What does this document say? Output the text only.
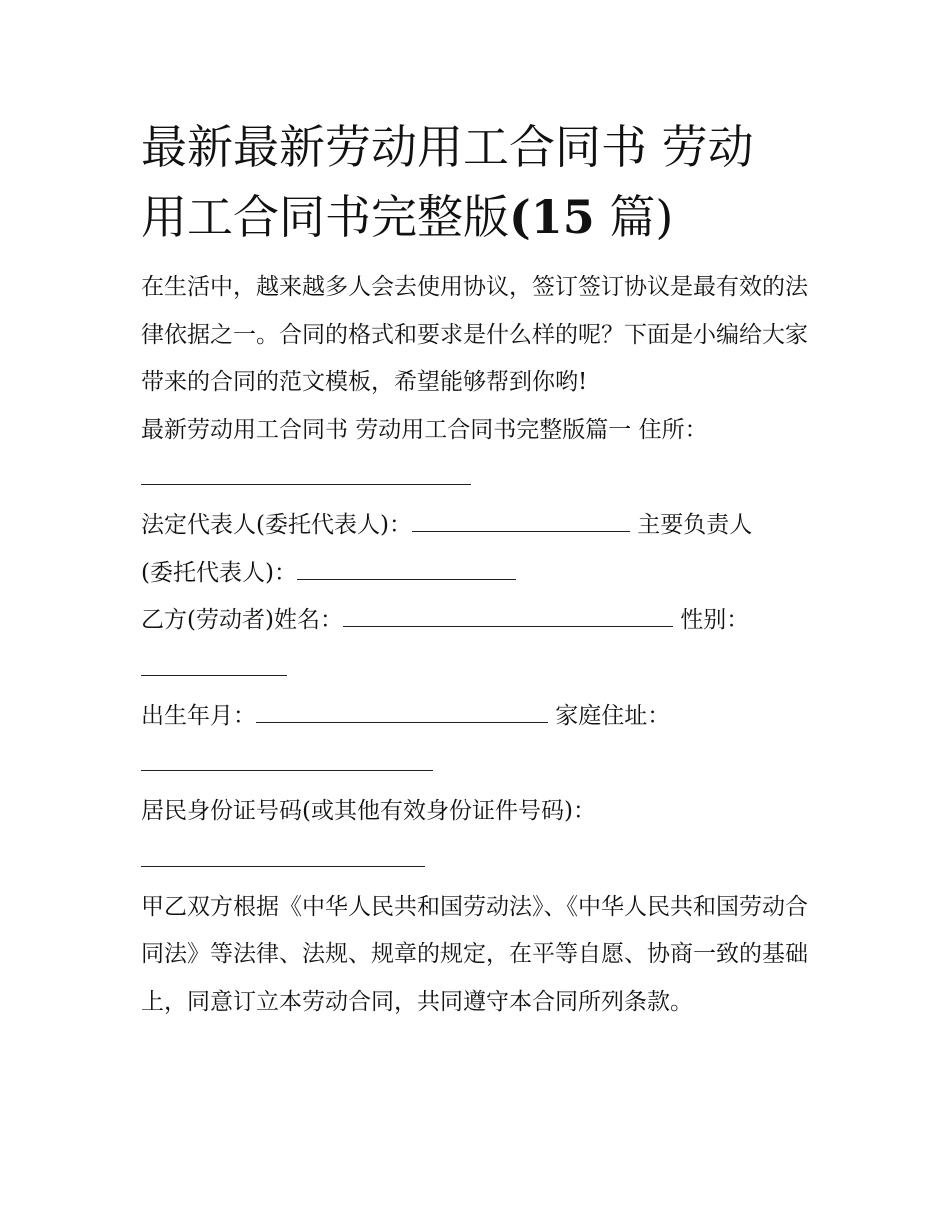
最新最新劳动用工合同书 劳动
用工合同书完整版(15 篇)

在生活中，越来越多人会去使用协议，签订签订协议是最有效的法律依据之一。合同的格式和要求是什么样的呢？下面是小编给大家带来的合同的范文模板，希望能够帮到你哟!

最新劳动用工合同书 劳动用工合同书完整版篇一 住所：

法定代表人(委托代表人)：	主要负责人

(委托代表人)：

乙方(劳动者)姓名：	性别：

出生年月：	家庭住址：

居民身份证号码(或其他有效身份证件号码)：

甲乙双方根据《中华人民共和国劳动法》、《中华人民共和国劳动合同法》等法律、法规、规章的规定，在平等自愿、协商一致的基础上，同意订立本劳动合同，共同遵守本合同所列条款。
